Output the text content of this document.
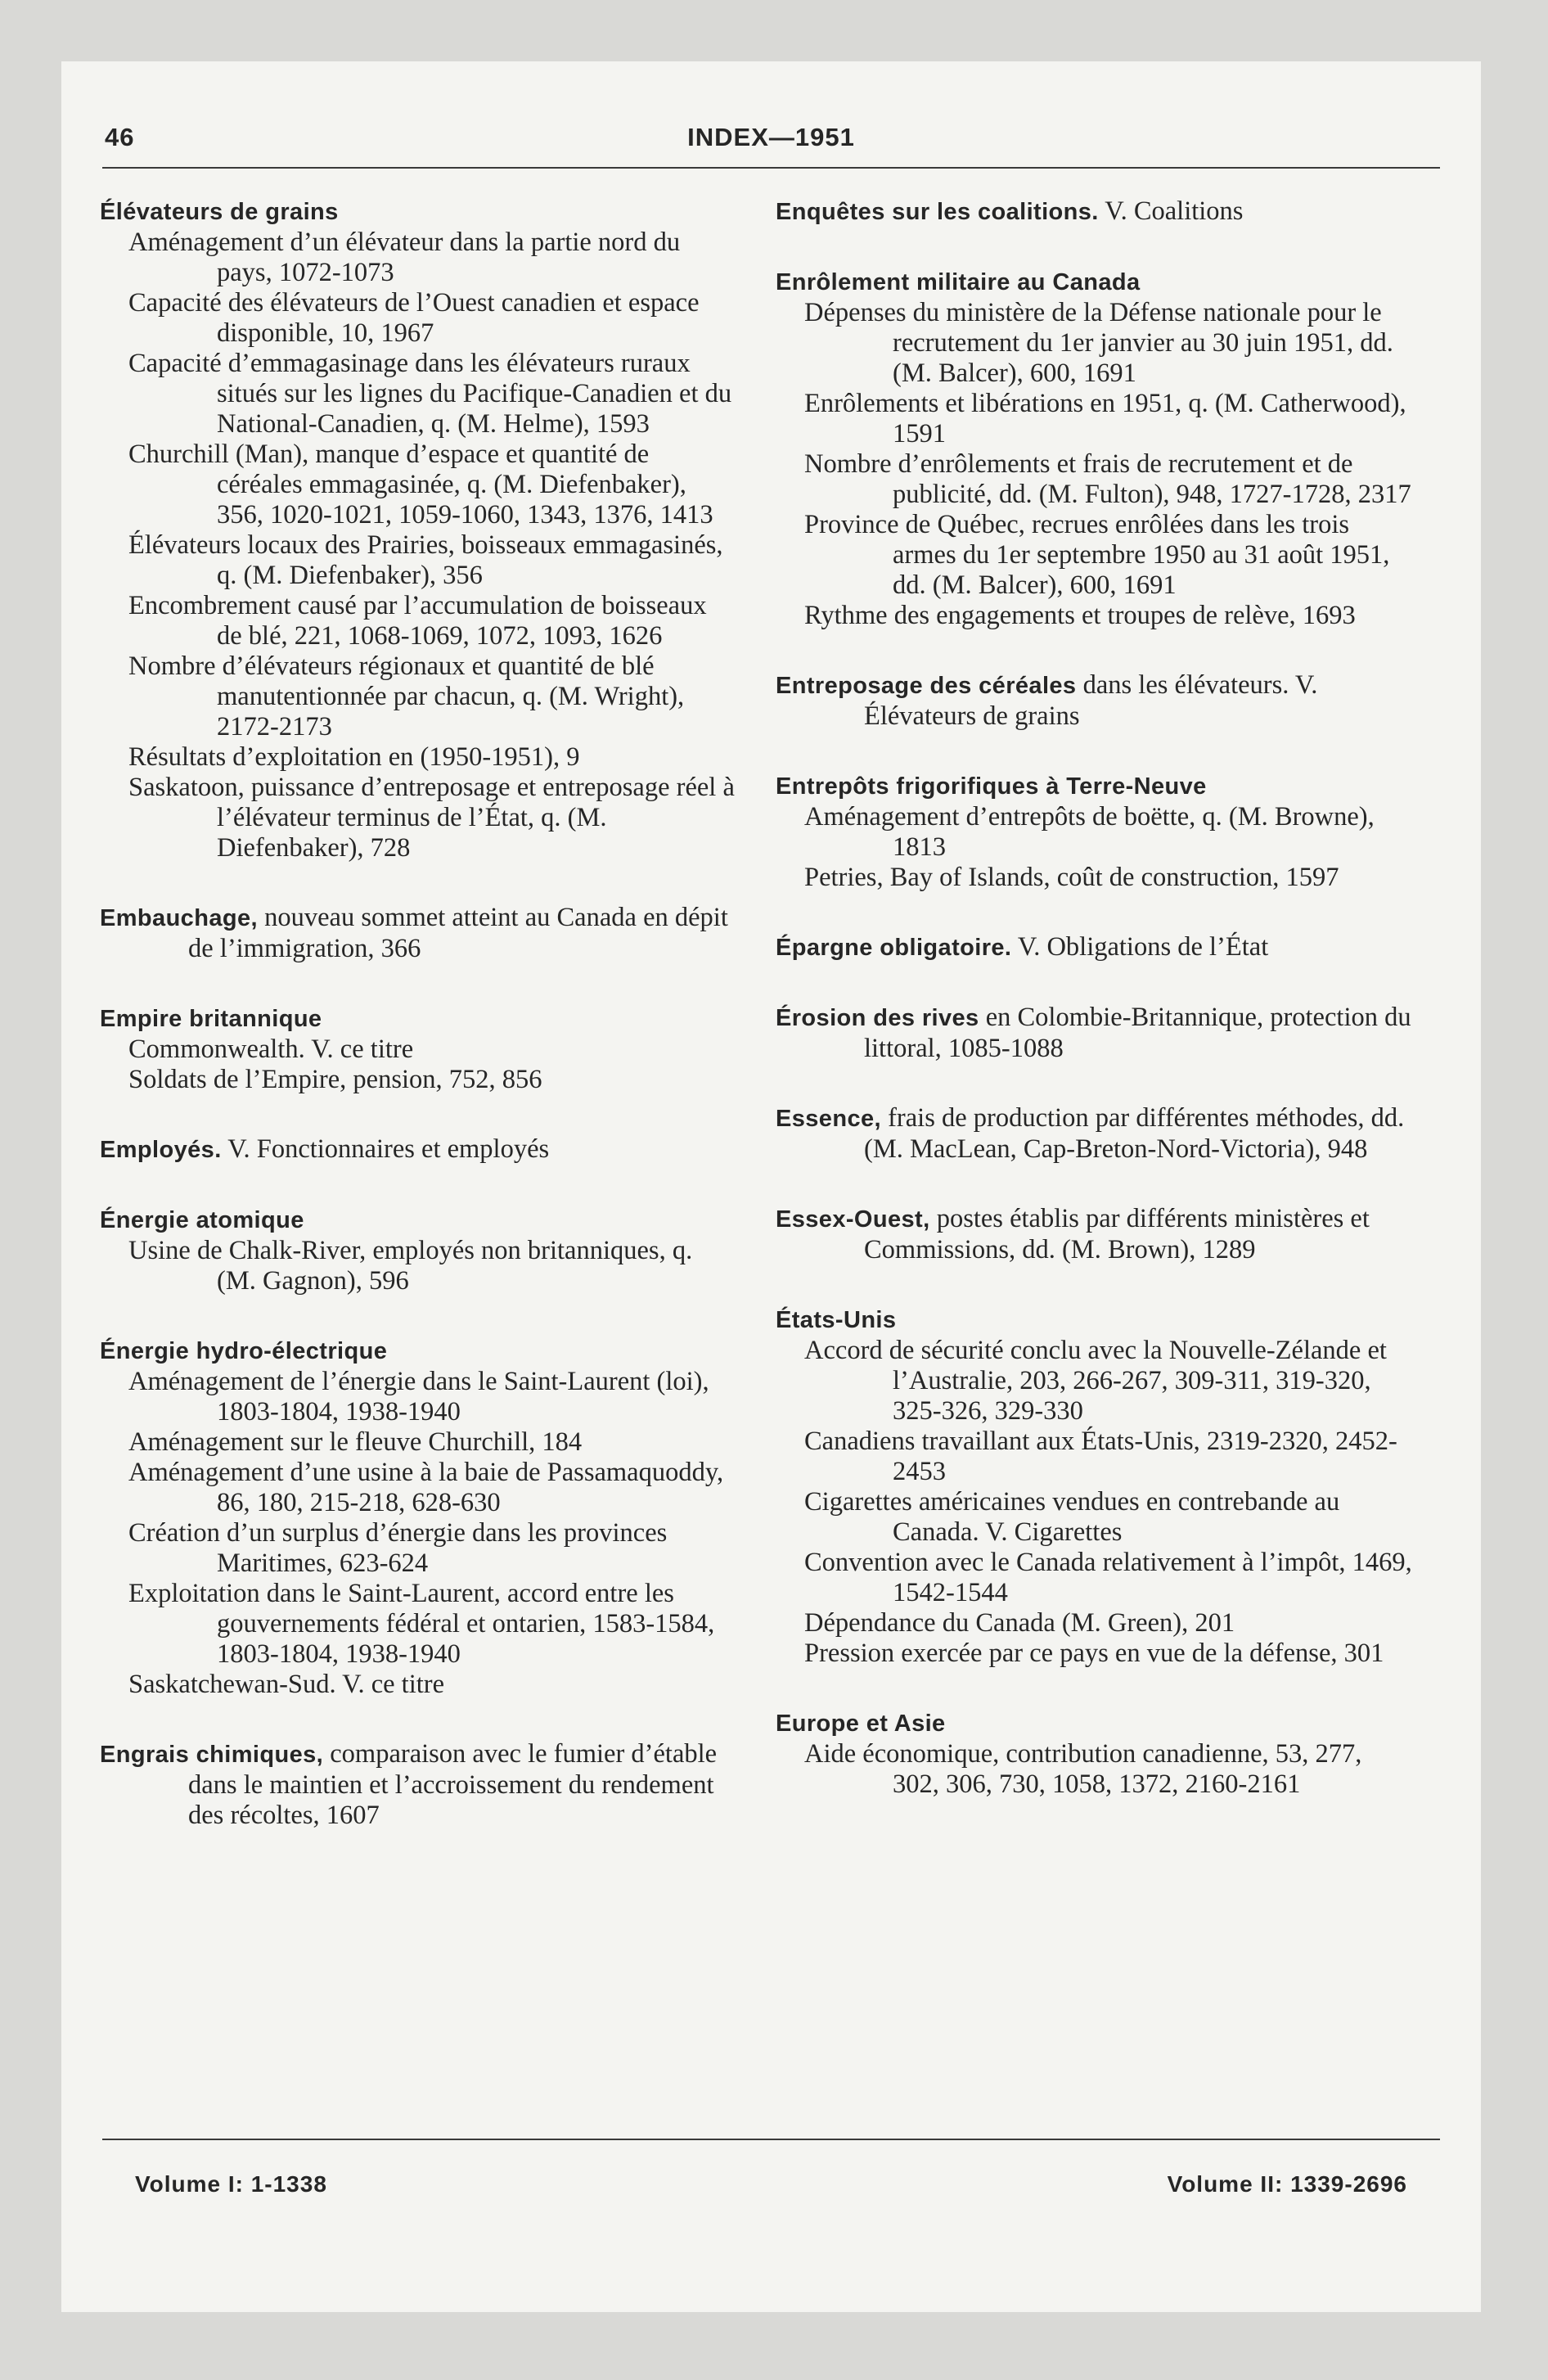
46	INDEX—1951
Élévateurs de grains
Aménagement d’un élévateur dans la partie nord du pays, 1072-1073
Capacité des élévateurs de l’Ouest canadien et espace disponible, 10, 1967
Capacité d’emmagasinage dans les élévateurs ruraux situés sur les lignes du Pacifique-Canadien et du National-Canadien, q. (M. Helme), 1593
Churchill (Man), manque d’espace et quantité de céréales emmagasinée, q. (M. Diefenbaker), 356, 1020-1021, 1059-1060, 1343, 1376, 1413
Élévateurs locaux des Prairies, boisseaux emmagasinés, q. (M. Diefenbaker), 356
Encombrement causé par l’accumulation de boisseaux de blé, 221, 1068-1069, 1072, 1093, 1626
Nombre d’élévateurs régionaux et quantité de blé manutentionnée par chacun, q. (M. Wright), 2172-2173
Résultats d’exploitation en (1950-1951), 9
Saskatoon, puissance d’entreposage et entreposage réel à l’élévateur terminus de l’État, q. (M. Diefenbaker), 728
Embauchage, nouveau sommet atteint au Canada en dépit de l’immigration, 366
Empire britannique
Commonwealth. V. ce titre
Soldats de l’Empire, pension, 752, 856
Employés. V. Fonctionnaires et employés
Énergie atomique
Usine de Chalk-River, employés non britanniques, q. (M. Gagnon), 596
Énergie hydro-électrique
Aménagement de l’énergie dans le Saint-Laurent (loi), 1803-1804, 1938-1940
Aménagement sur le fleuve Churchill, 184
Aménagement d’une usine à la baie de Passamaquoddy, 86, 180, 215-218, 628-630
Création d’un surplus d’énergie dans les provinces Maritimes, 623-624
Exploitation dans le Saint-Laurent, accord entre les gouvernements fédéral et ontarien, 1583-1584, 1803-1804, 1938-1940
Saskatchewan-Sud. V. ce titre
Engrais chimiques, comparaison avec le fumier d’étable dans le maintien et l’accroissement du rendement des récoltes, 1607
Enquêtes sur les coalitions. V. Coalitions
Enrôlement militaire au Canada
Dépenses du ministère de la Défense nationale pour le recrutement du 1er janvier au 30 juin 1951, dd. (M. Balcer), 600, 1691
Enrôlements et libérations en 1951, q. (M. Catherwood), 1591
Nombre d’enrôlements et frais de recrutement et de publicité, dd. (M. Fulton), 948, 1727-1728, 2317
Province de Québec, recrues enrôlées dans les trois armes du 1er septembre 1950 au 31 août 1951, dd. (M. Balcer), 600, 1691
Rythme des engagements et troupes de relève, 1693
Entreposage des céréales dans les élévateurs. V. Élévateurs de grains
Entrepôts frigorifiques à Terre-Neuve
Aménagement d’entrepôts de boëtte, q. (M. Browne), 1813
Petries, Bay of Islands, coût de construction, 1597
Épargne obligatoire. V. Obligations de l’État
Érosion des rives en Colombie-Britannique, protection du littoral, 1085-1088
Essence, frais de production par différentes méthodes, dd. (M. MacLean, Cap-Breton-Nord-Victoria), 948
Essex-Ouest, postes établis par différents ministères et Commissions, dd. (M. Brown), 1289
États-Unis
Accord de sécurité conclu avec la Nouvelle-Zélande et l’Australie, 203, 266-267, 309-311, 319-320, 325-326, 329-330
Canadiens travaillant aux États-Unis, 2319-2320, 2452-2453
Cigarettes américaines vendues en contrebande au Canada. V. Cigarettes
Convention avec le Canada relativement à l’impôt, 1469, 1542-1544
Dépendance du Canada (M. Green), 201
Pression exercée par ce pays en vue de la défense, 301
Europe et Asie
Aide économique, contribution canadienne, 53, 277, 302, 306, 730, 1058, 1372, 2160-2161
Volume I: 1-1338	Volume II: 1339-2696
